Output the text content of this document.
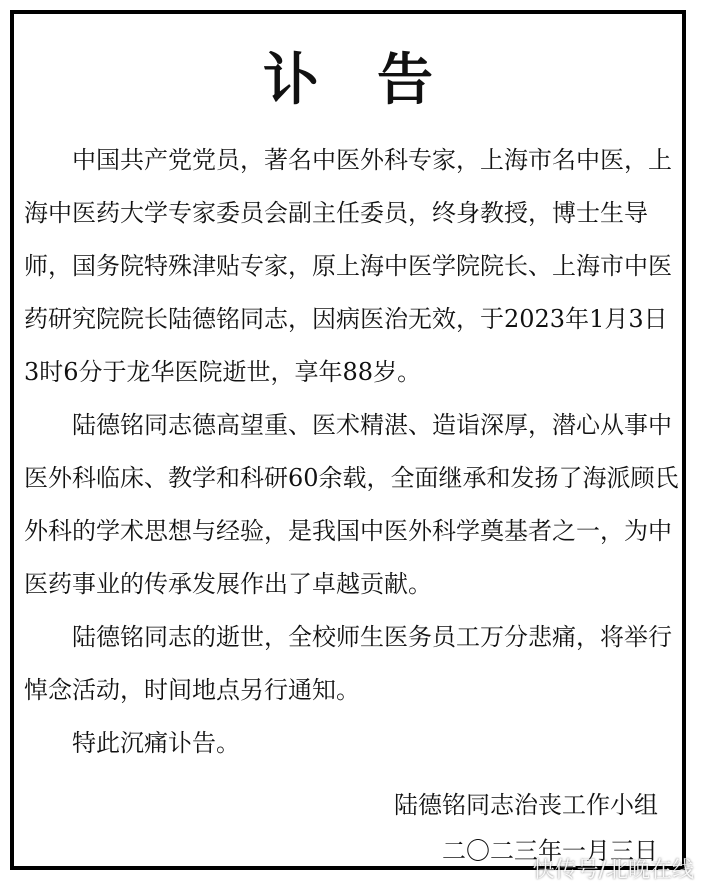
讣 告

中国共产党党员，著名中医外科专家，上海市名中医，上海中医药大学专家委员会副主任委员，终身教授，博士生导师，国务院特殊津贴专家，原上海中医学院院长、上海市中医药研究院院长陆德铭同志，因病医治无效，于2023年1月3日3时6分于龙华医院逝世，享年88岁。

陆德铭同志德高望重、医术精湛、造诣深厚，潜心从事中医外科临床、教学和科研60余载，全面继承和发扬了海派顾氏外科的学术思想与经验，是我国中医外科学奠基者之一，为中医药事业的传承发展作出了卓越贡献。

陆德铭同志的逝世，全校师生医务员工万分悲痛，将举行悼念活动，时间地点另行通知。

特此沉痛讣告。

陆德铭同志治丧工作小组
二〇二三年一月三日
快传号/北晚在线
